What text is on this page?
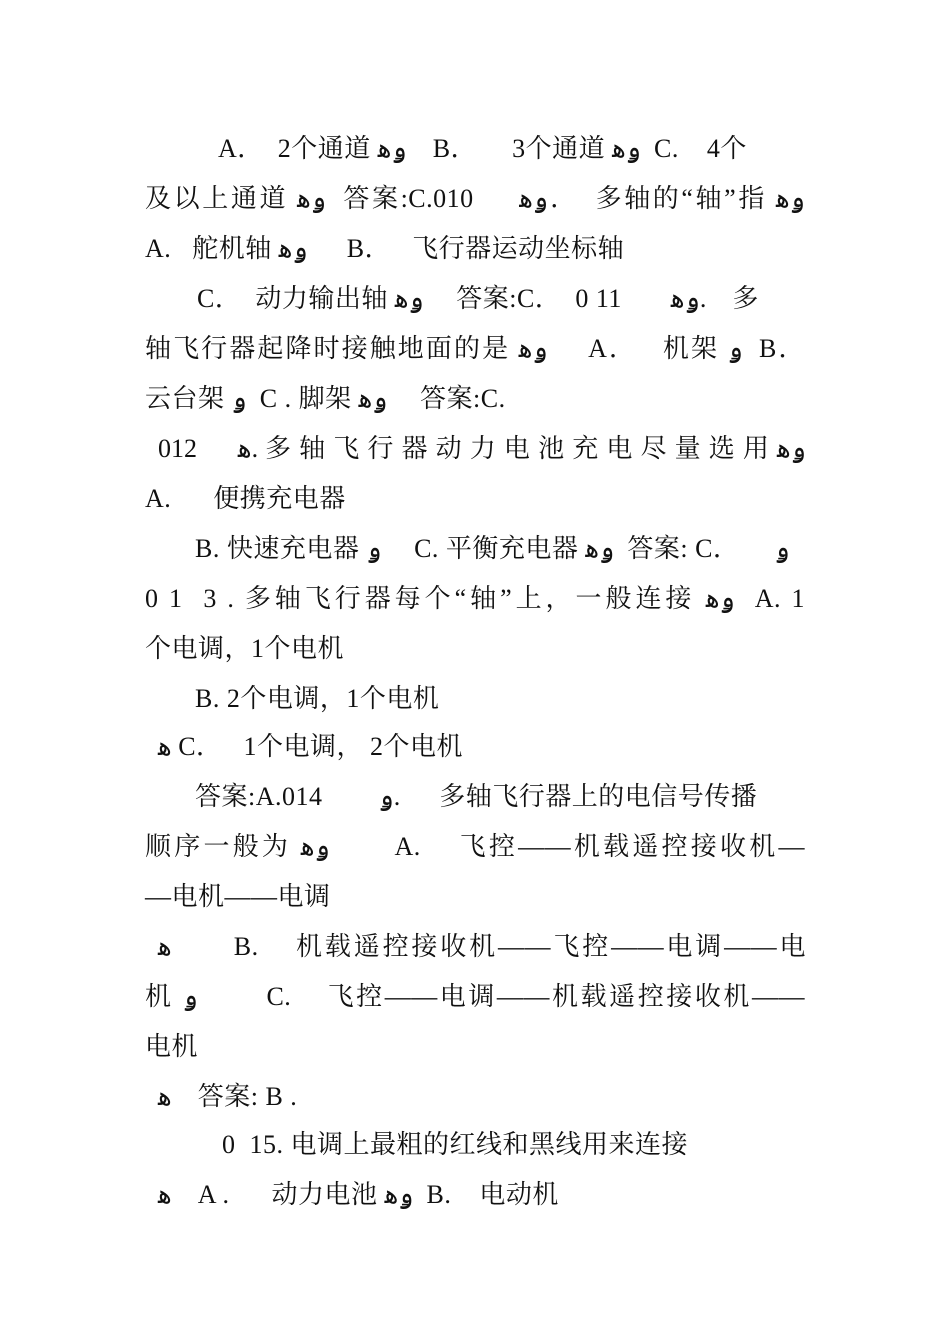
A．  2个通道 ۅﻫ    B．     3个通道 ۅﻫ  C.    4个
及以上通道 ۅﻫ  答案:C.010     ۅﻫ．  多轴的“轴”指 ۅﻫ
A.   舵机轴 ۅﻫ      B．   飞行器运动坐标轴
C．  动力输出轴 ۅﻫ     答案:C．  0 11       ۅﻫ.    多
轴飞行器起降时接触地面的是 ۅﻫ     A．   机架 ۅ  B．
云台架 ۅ  C . 脚架 ۅﻫ     答案:C.
012      ﻫ. 多 轴 飞 行 器 动 力 电 池 充 电 尽 量 选 用 ۅﻫ
A.      便携充电器
B. 快速充电器 ۅ     C. 平衡充电器 ۅﻫ  答案: C．     ۅ
0 1  3 . 多轴飞行器每个“轴”上，一般连接 ۅﻫ  A. 1
个电调，1个电机
B. 2个电调，1个电机
ﻫ C．   1个电调， 2个电机
答案:A.014        ۅ.      多轴飞行器上的电信号传播
顺序一般为 ۅﻫ       A.    飞控——机载遥控接收机—
—电机——电调
ﻫ       B.    机载遥控接收机——飞控——电调——电
机 ۅ        C.    飞控——电调——机载遥控接收机——
电机
ﻫ    答案: B .
0  15. 电调上最粗的红线和黑线用来连接
ﻫ    A .      动力电池 ۅﻫ  B.    电动机
